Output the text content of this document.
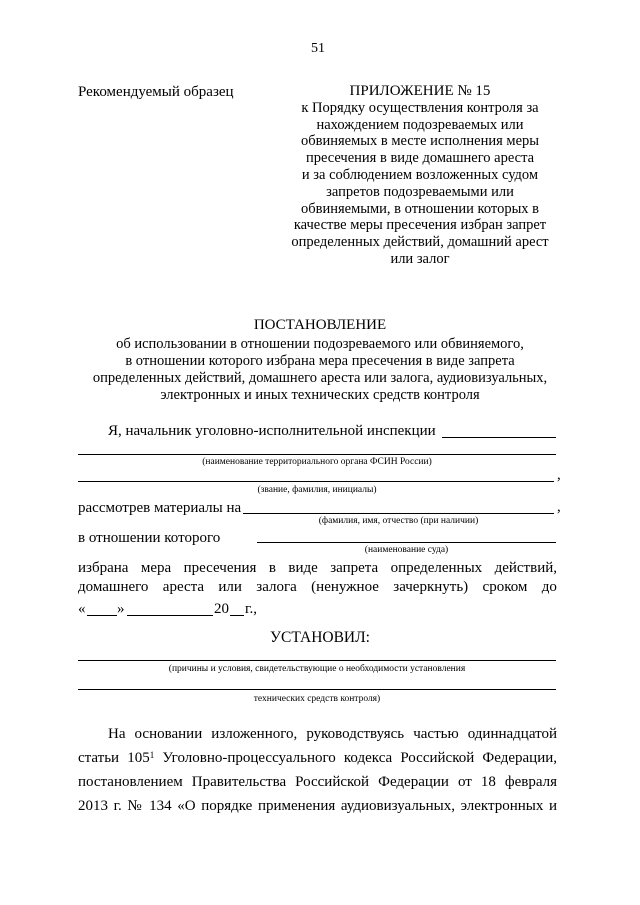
51
Рекомендуемый образец	ПРИЛОЖЕНИЕ № 15
к Порядку осуществления контроля за
нахождением подозреваемых или
обвиняемых в месте исполнения меры
пресечения в виде домашнего ареста
и за соблюдением возложенных судом
запретов подозреваемыми или
обвиняемыми, в отношении которых в
качестве меры пресечения избран запрет
определенных действий, домашний арест
или залог
ПОСТАНОВЛЕНИЕ
об использовании в отношении подозреваемого или обвиняемого,
в отношении которого избрана мера пресечения в виде запрета
определенных действий, домашнего ареста или залога, аудиовизуальных,
электронных и иных технических средств контроля
Я, начальник уголовно-исполнительной инспекции
(наименование территориального органа ФСИН России)
,
(звание, фамилия, инициалы)
рассмотрев материалы на	,
(фамилия, имя, отчество (при наличии)
в отношении которого
(наименование суда)
избрана мера пресечения в виде запрета определенных действий,
домашнего ареста или залога (ненужное зачеркнуть) сроком до
« »	20 г.,
УСТАНОВИЛ:
(причины и условия, свидетельствующие о необходимости установления
технических средств контроля)
На основании изложенного, руководствуясь частью одиннадцатой
статьи $105^1$ Уголовно-процессуального кодекса Российской Федерации,
постановлением Правительства Российской Федерации от 18 февраля
2013 г. № 134 «О порядке применения аудиовизуальных, электронных и
